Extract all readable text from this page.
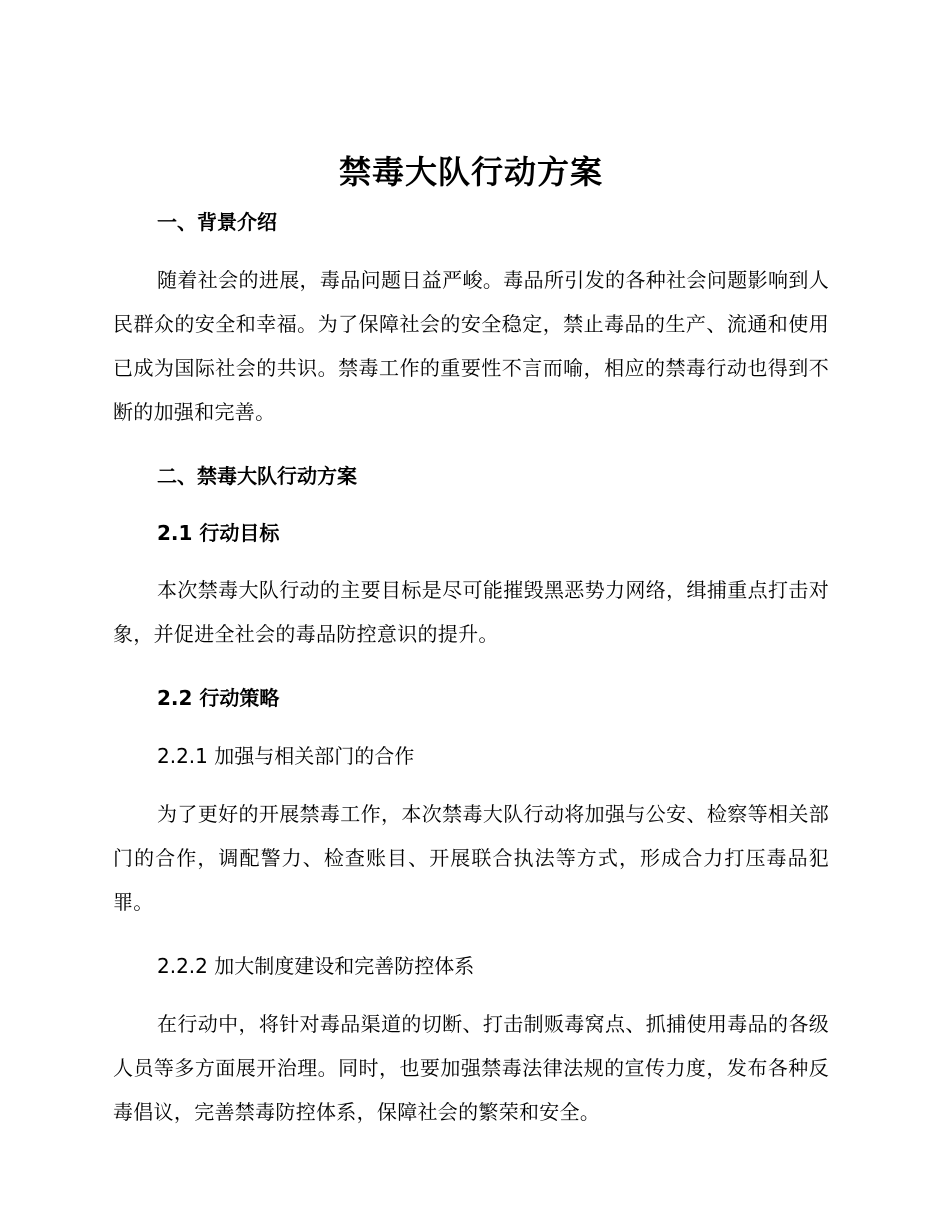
禁毒大队行动方案
一、背景介绍

随着社会的进展，毒品问题日益严峻。毒品所引发的各种社会问题影响到人民群众的安全和幸福。为了保障社会的安全稳定，禁止毒品的生产、流通和使用已成为国际社会的共识。禁毒工作的重要性不言而喻，相应的禁毒行动也得到不断的加强和完善。

二、禁毒大队行动方案
2.1 行动目标

本次禁毒大队行动的主要目标是尽可能摧毁黑恶势力网络，缉捕重点打击对象，并促进全社会的毒品防控意识的提升。

2.2 行动策略
2.2.1 加强与相关部门的合作

为了更好的开展禁毒工作，本次禁毒大队行动将加强与公安、检察等相关部门的合作，调配警力、检查账目、开展联合执法等方式，形成合力打压毒品犯罪。

2.2.2 加大制度建设和完善防控体系

在行动中，将针对毒品渠道的切断、打击制贩毒窝点、抓捕使用毒品的各级人员等多方面展开治理。同时，也要加强禁毒法律法规的宣传力度，发布各种反毒倡议，完善禁毒防控体系，保障社会的繁荣和安全。
